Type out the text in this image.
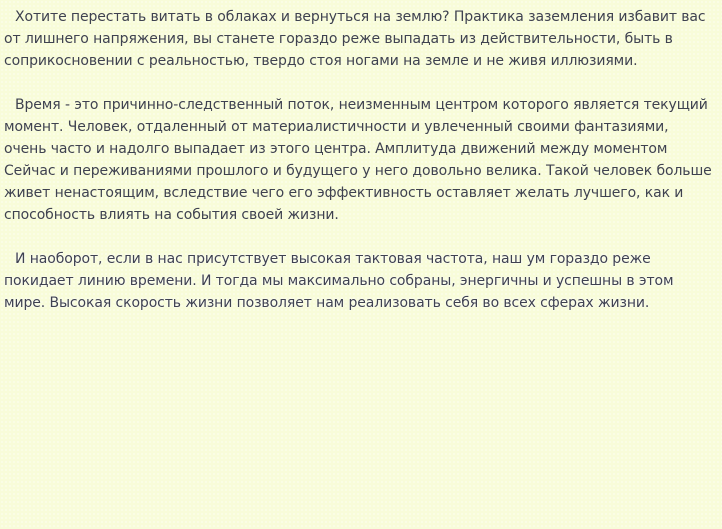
Хотите перестать витать в облаках и вернуться на землю? Практика заземления избавит вас от лишнего напряжения, вы станете гораздо реже выпадать из действительности, быть в соприкосновении с реальностью, твердо стоя ногами на земле и не живя иллюзиями.

Время - это причинно-следственный поток, неизменным центром которого является текущий момент. Человек, отдаленный от материалистичности и увлеченный своими фантазиями, очень часто и надолго выпадает из этого центра. Амплитуда движений между моментом Сейчас и переживаниями прошлого и будущего у него довольно велика. Такой человек больше живет ненастоящим, вследствие чего его эффективность оставляет желать лучшего, как и способность влиять на события своей жизни.

И наоборот, если в нас присутствует высокая тактовая частота, наш ум гораздо реже покидает линию времени. И тогда мы максимально собраны, энергичны и успешны в этом мире. Высокая скорость жизни позволяет нам реализовать себя во всех сферах жизни.
